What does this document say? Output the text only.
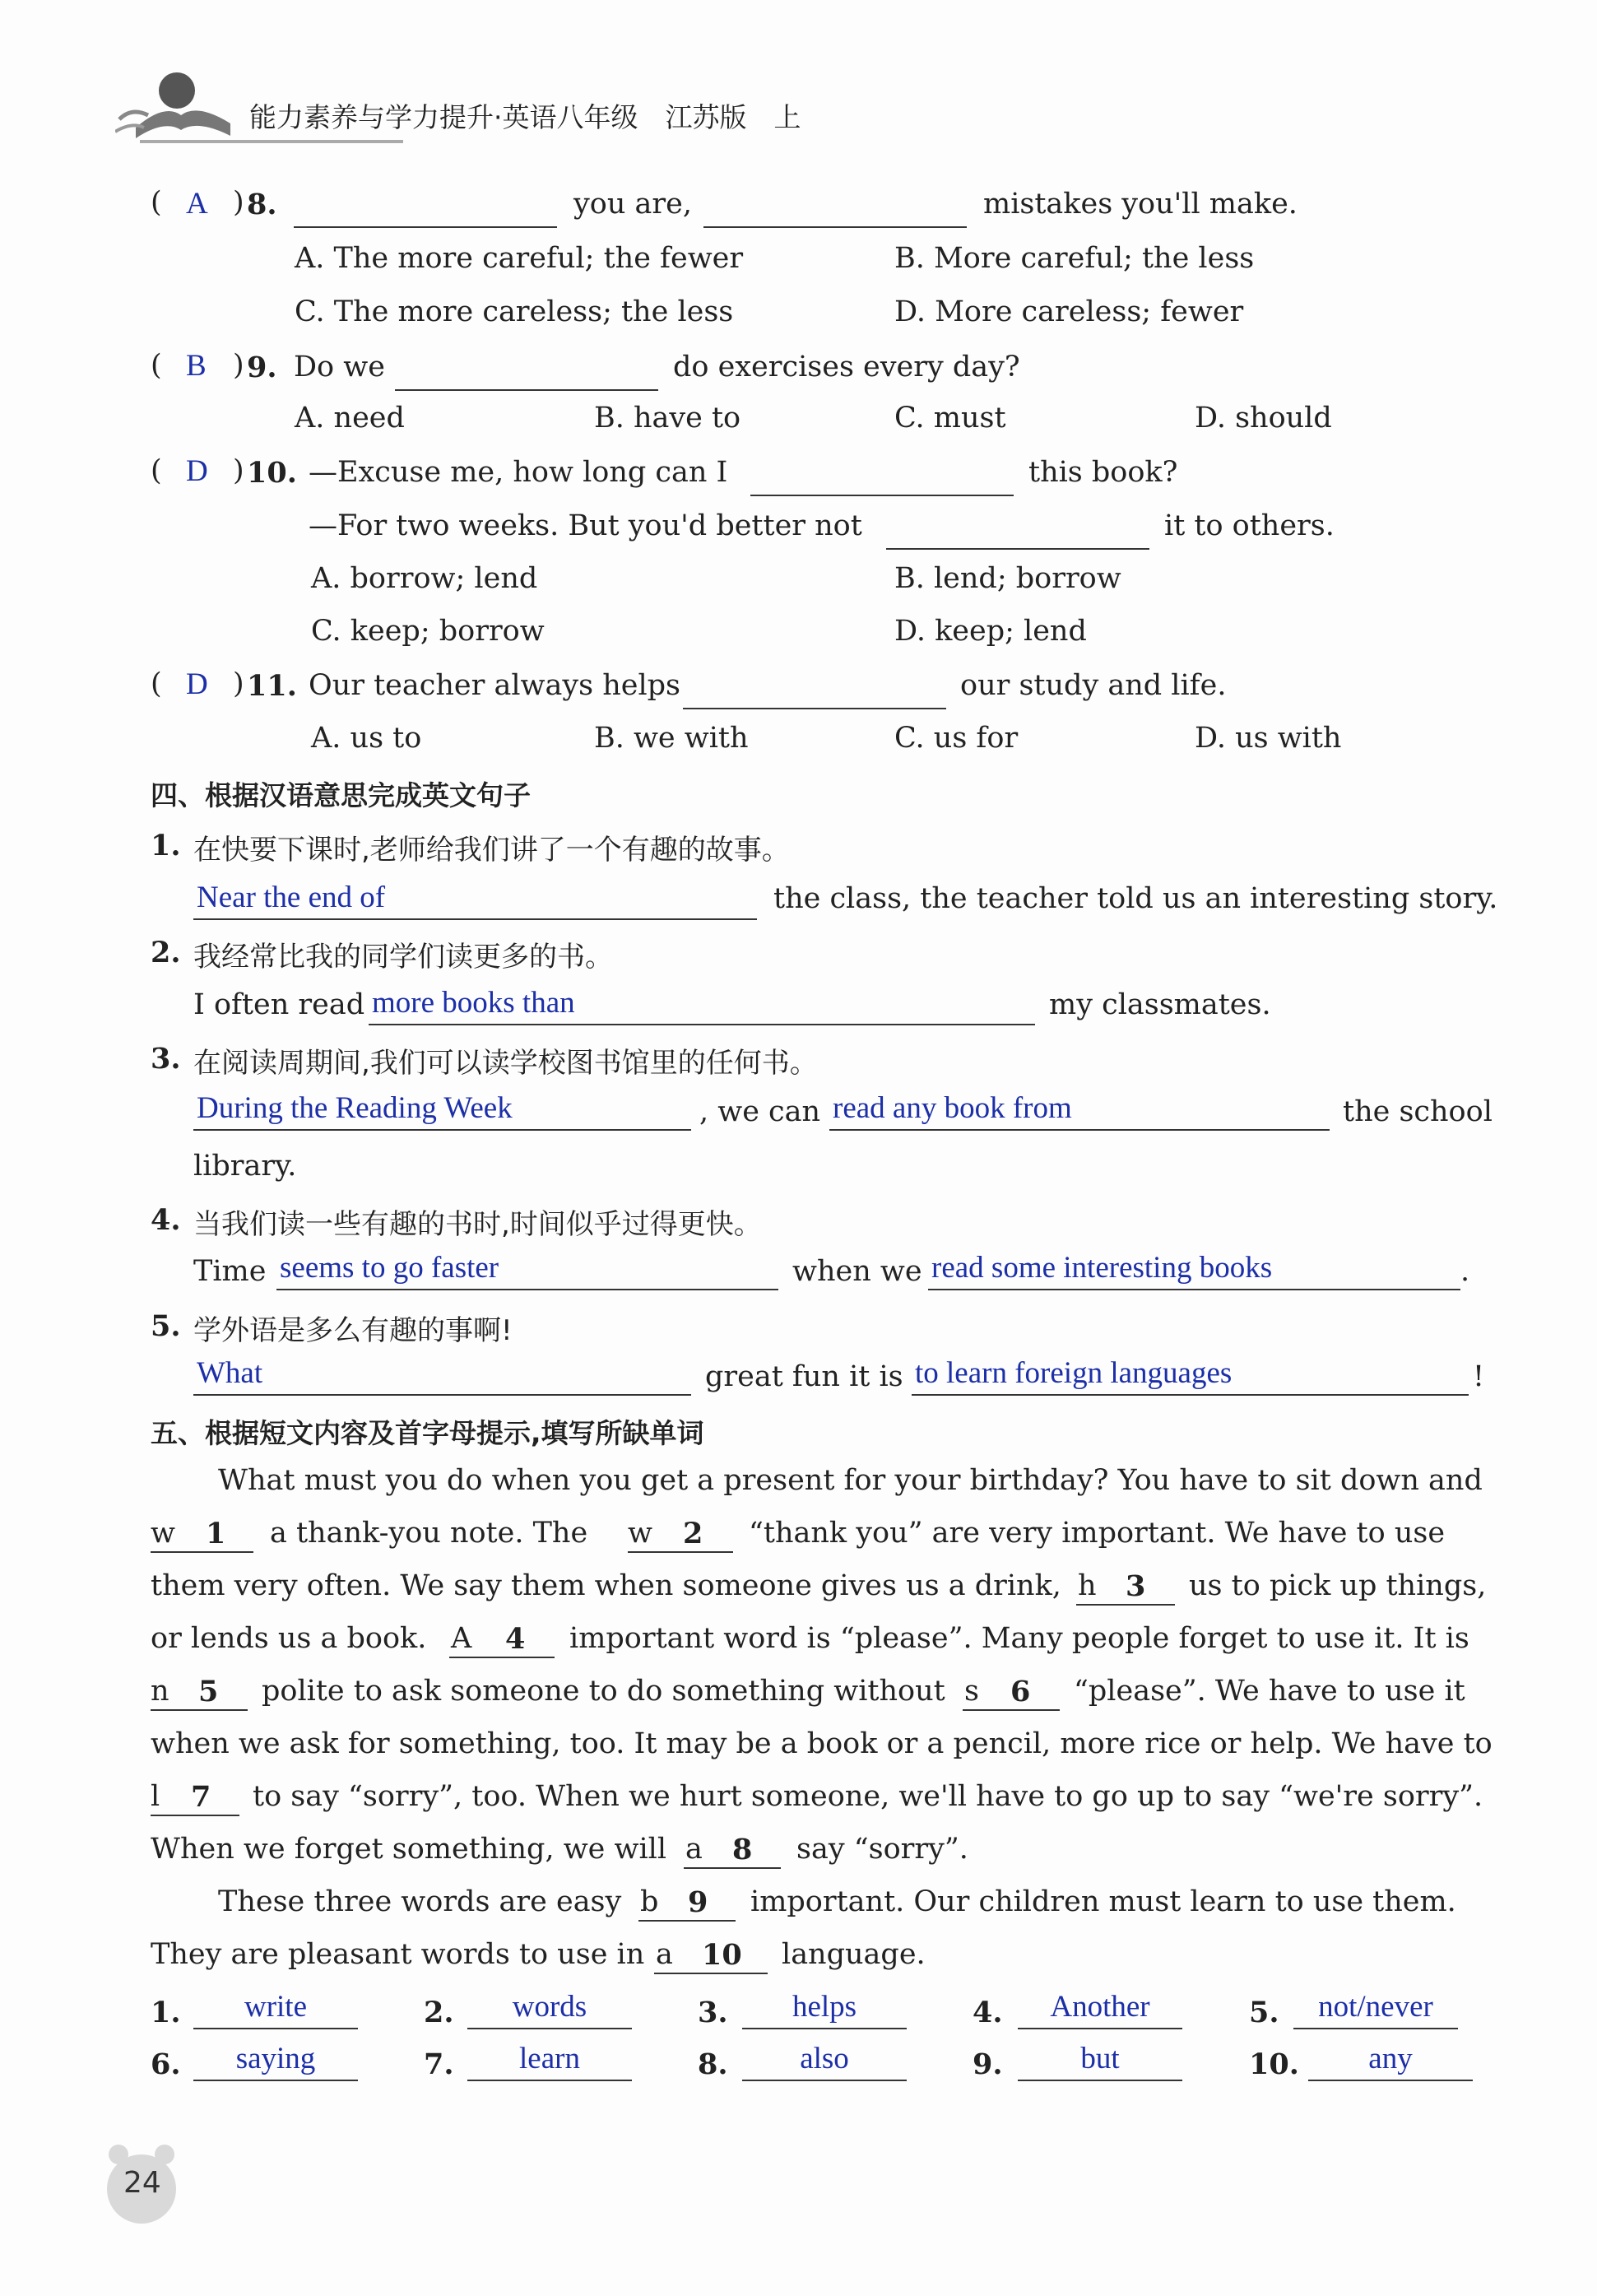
能力素养与学力提升·英语八年级　江苏版　上
( A ) 8.	you are,	mistakes you'll make.
A. The more careful; the fewer	B. More careful; the less
C. The more careless; the less	D. More careless; fewer
( B ) 9. Do we	do exercises every day?
A. need	B. have to	C. must	D. should
( D ) 10. —Excuse me, how long can I	this book?
—For two weeks. But you'd better not	it to others.
A. borrow; lend	B. lend; borrow
C. keep; borrow	D. keep; lend
( D ) 11. Our teacher always helps	our study and life.
A. us to	B. we with	C. us for	D. us with
四、根据汉语意思完成英文句子
1. 在快要下课时,老师给我们讲了一个有趣的故事。
Near the end of	the class, the teacher told us an interesting story.
2. 我经常比我的同学们读更多的书。
I often read more books than	my classmates.
3. 在阅读周期间,我们可以读学校图书馆里的任何书。
During the Reading Week	, we can read any book from	the school
library.
4. 当我们读一些有趣的书时,时间似乎过得更快。
Time seems to go faster	when we read some interesting books	.
5. 学外语是多么有趣的事啊!
What	great fun it is to learn foreign languages	!
五、根据短文内容及首字母提示,填写所缺单词
What must you do when you get a present for your birthday? You have to sit down and
w 1 a thank-you note. The w 2 “thank you” are very important. We have to use
them very often. We say them when someone gives us a drink, h 3 us to pick up things,
or lends us a book. A 4 important word is “please”. Many people forget to use it. It is
n 5 polite to ask someone to do something without s 6 “please”. We have to use it
when we ask for something, too. It may be a book or a pencil, more rice or help. We have to
l 7 to say “sorry”, too. When we hurt someone, we'll have to go up to say “we're sorry”.
When we forget something, we will a 8 say “sorry”.
These three words are easy b 9 important. Our children must learn to use them.
They are pleasant words to use in a 10 language.
1.	write	2.	words	3.	helps	4.	Another	5.	not/never
6.	saying	7.	learn	8.	also	9.	but	10.	any
24
